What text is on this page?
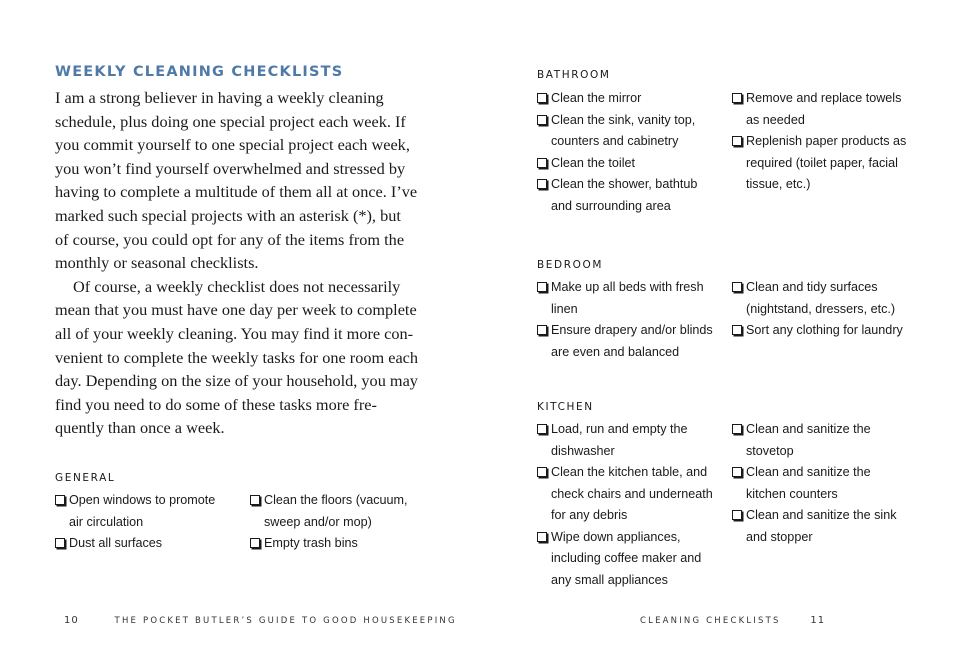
WEEKLY CLEANING CHECKLISTS

I am a strong believer in having a weekly cleaning
schedule, plus doing one special project each week. If
you commit yourself to one special project each week,
you won’t find yourself overwhelmed and stressed by
having to complete a multitude of them all at once. I’ve
marked such special projects with an asterisk (*), but
of course, you could opt for any of the items from the
monthly or seasonal checklists.

Of course, a weekly checklist does not necessarily
mean that you must have one day per week to complete
all of your weekly cleaning. You may find it more con-
venient to complete the weekly tasks for one room each
day. Depending on the size of your household, you may
find you need to do some of these tasks more fre-
quently than once a week.

GENERAL
Open windows to promote
air circulation
Dust all surfaces
Clean the floors (vacuum,
sweep and/or mop)
Empty trash bins
10	THE POCKET BUTLER’S GUIDE TO GOOD HOUSEKEEPING
BATHROOM
Clean the mirror
Clean the sink, vanity top,
counters and cabinetry
Clean the toilet
Clean the shower, bathtub
and surrounding area
Remove and replace towels
as needed
Replenish paper products as
required (toilet paper, facial
tissue, etc.)
BEDROOM
Make up all beds with fresh
linen
Ensure drapery and/or blinds
are even and balanced
Clean and tidy surfaces
(nightstand, dressers, etc.)
Sort any clothing for laundry
KITCHEN
Load, run and empty the
dishwasher
Clean the kitchen table, and
check chairs and underneath
for any debris
Wipe down appliances,
including coffee maker and
any small appliances
Clean and sanitize the
stovetop
Clean and sanitize the
kitchen counters
Clean and sanitize the sink
and stopper
CLEANING CHECKLISTS	11
